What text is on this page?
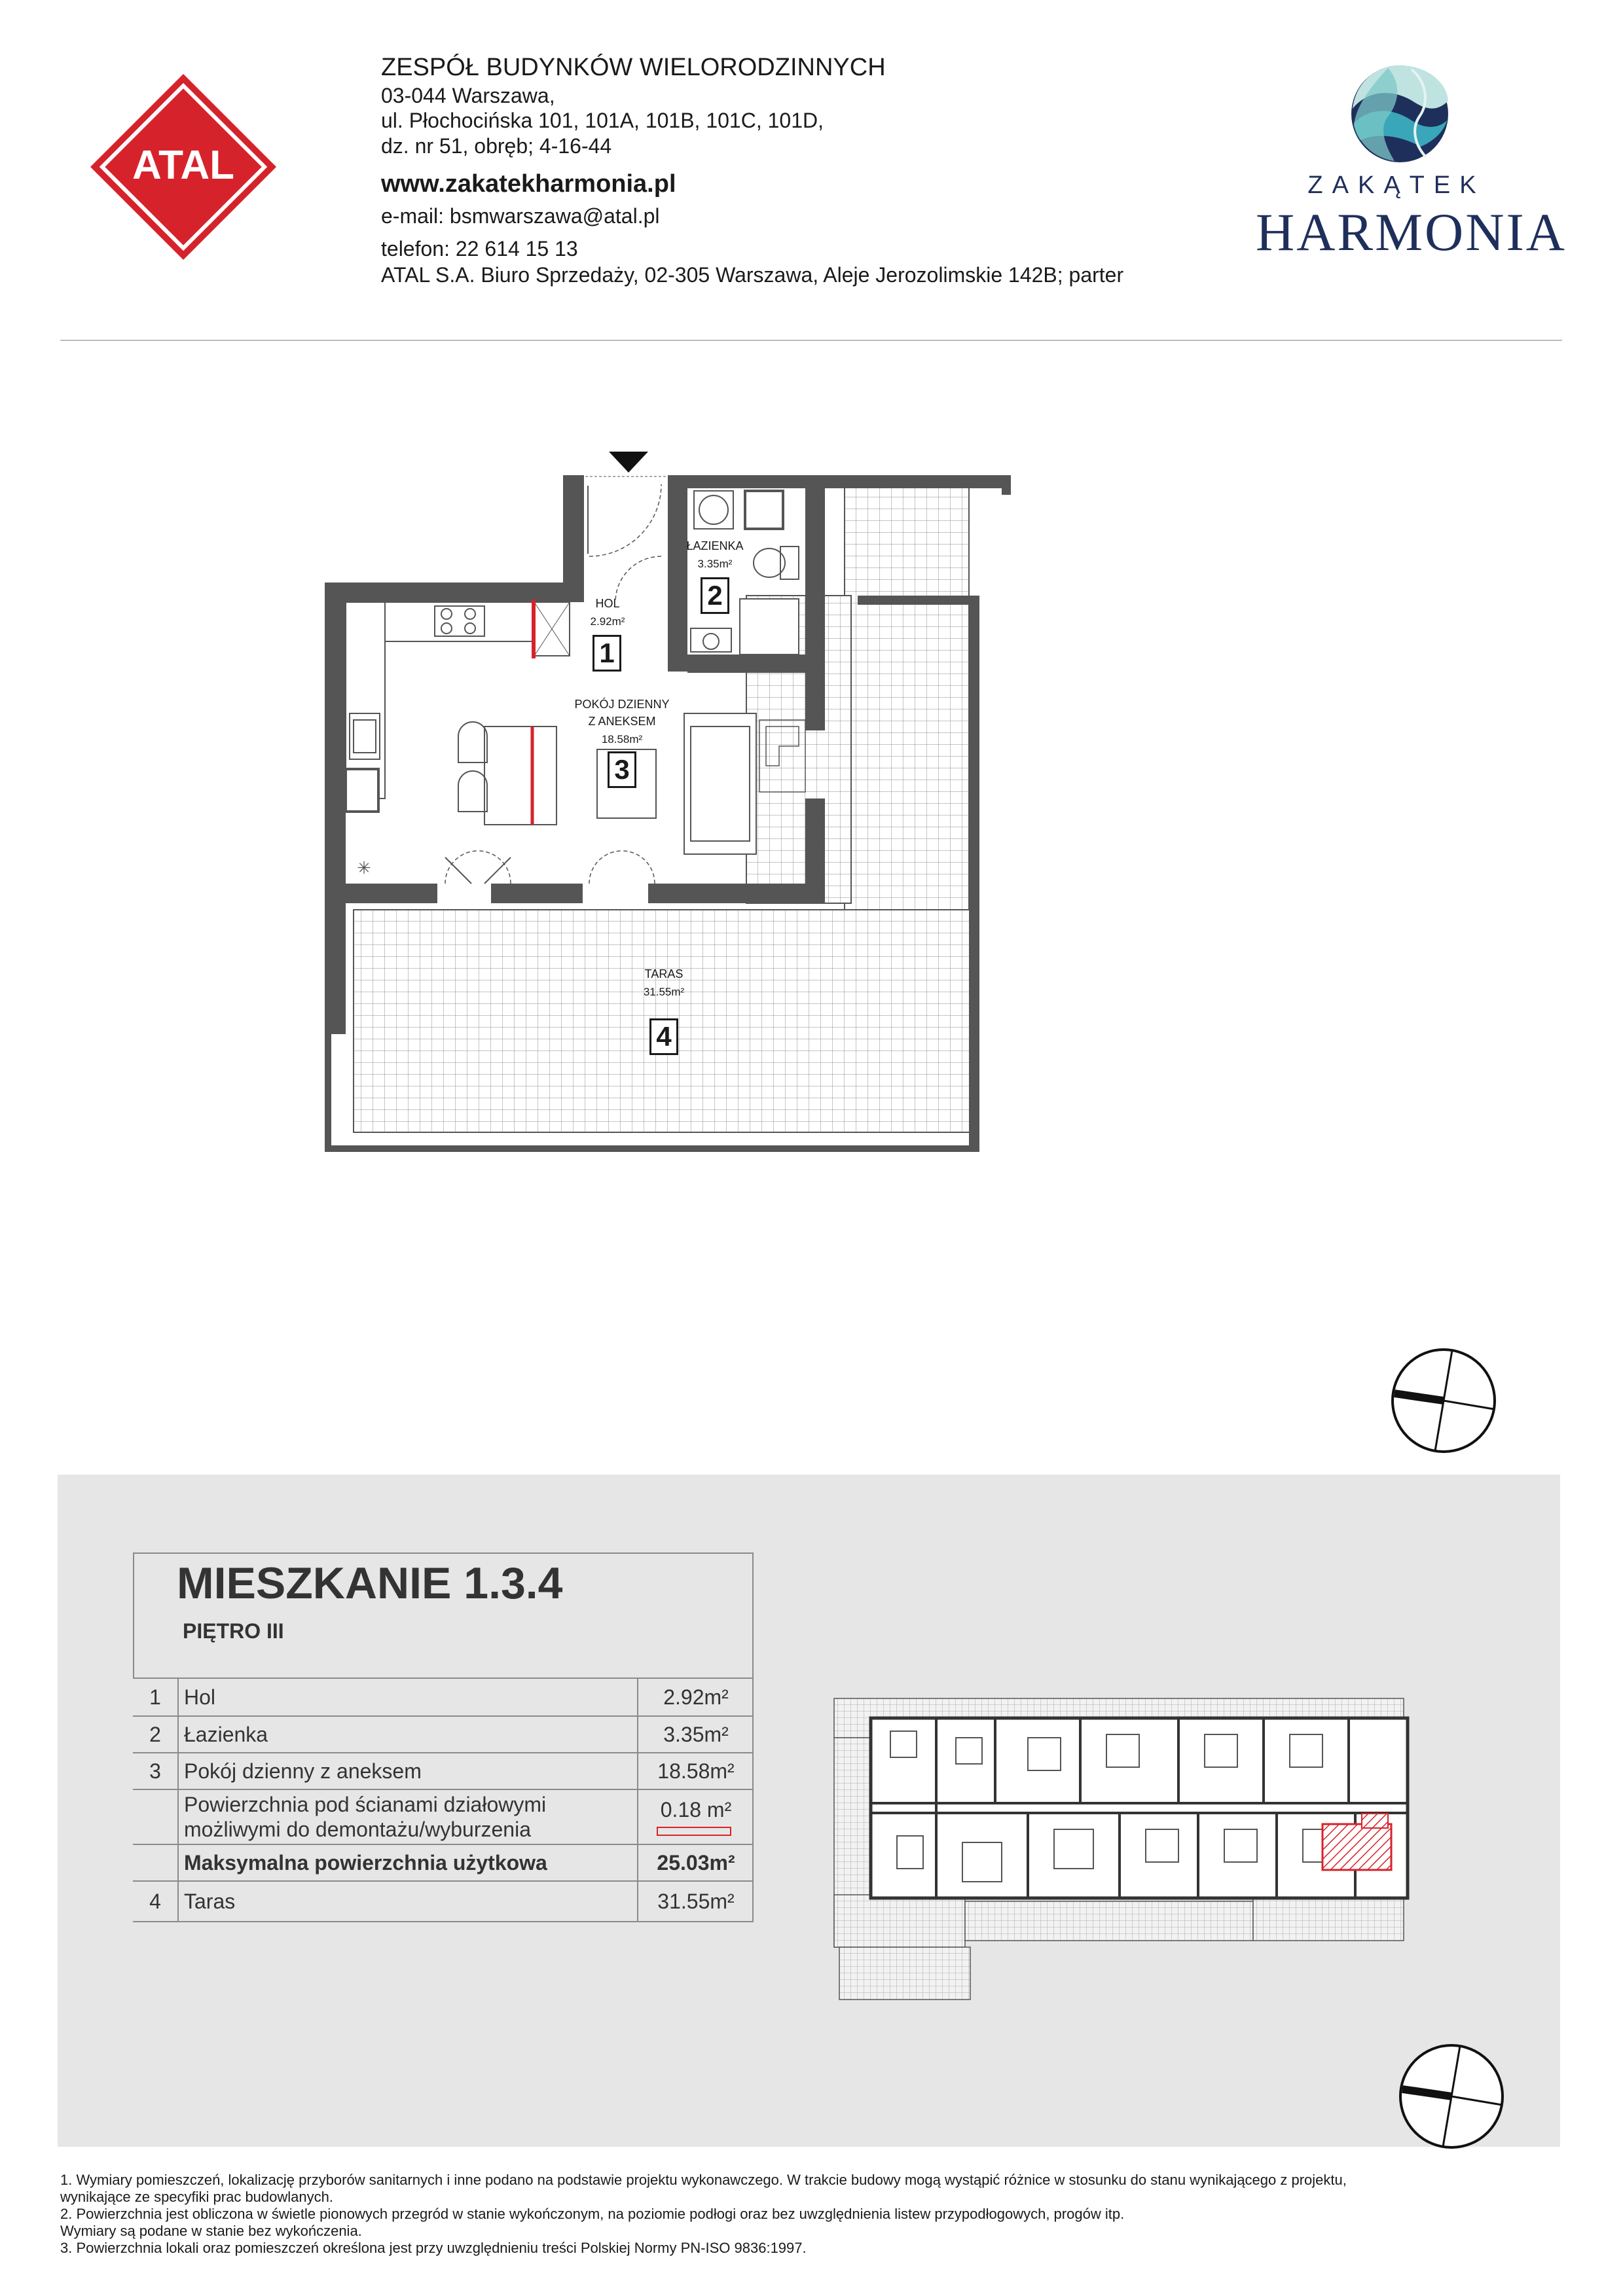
ATAL
ZESPÓŁ BUDYNKÓW WIELORODZINNYCH
03-044 Warszawa,
ul. Płochocińska 101, 101A, 101B, 101C, 101D,
dz. nr 51, obręb; 4-16-44
www.zakatekharmonia.pl
e-mail: bsmwarszawa@atal.pl
telefon: 22 614 15 13
ATAL S.A. Biuro Sprzedaży, 02-305 Warszawa, Aleje Jerozolimskie 142B; parter
ZAKĄTEK
HARMONIA
✳
HOL
2.92m²
1
ŁAZIENKA
3.35m²
2
POKÓJ DZIENNY
Z ANEKSEM
18.58m²
3
TARAS
31.55m²
4
MIESZKANIE 1.3.4
PIĘTRO III
1	Hol	2.92m²
2	Łazienka	3.35m²
3	Pokój dzienny z aneksem	18.58m²
Powierzchnia pod ścianami działowymi
możliwymi do demontażu/wyburzenia
0.18 m²
Maksymalna powierzchnia użytkowa	25.03m²
4	Taras	31.55m²
1. Wymiary pomieszczeń, lokalizację przyborów sanitarnych i inne podano na podstawie projektu wykonawczego. W trakcie budowy mogą wystąpić różnice w stosunku do stanu wynikającego z projektu,
wynikające ze specyfiki prac budowlanych.
2. Powierzchnia jest obliczona w świetle pionowych przegród w stanie wykończonym, na poziomie podłogi oraz bez uwzględnienia listew przypodłogowych, progów itp.
Wymiary są podane w stanie bez wykończenia.
3. Powierzchnia lokali oraz pomieszczeń określona jest przy uwzględnieniu treści Polskiej Normy PN-ISO 9836:1997.
